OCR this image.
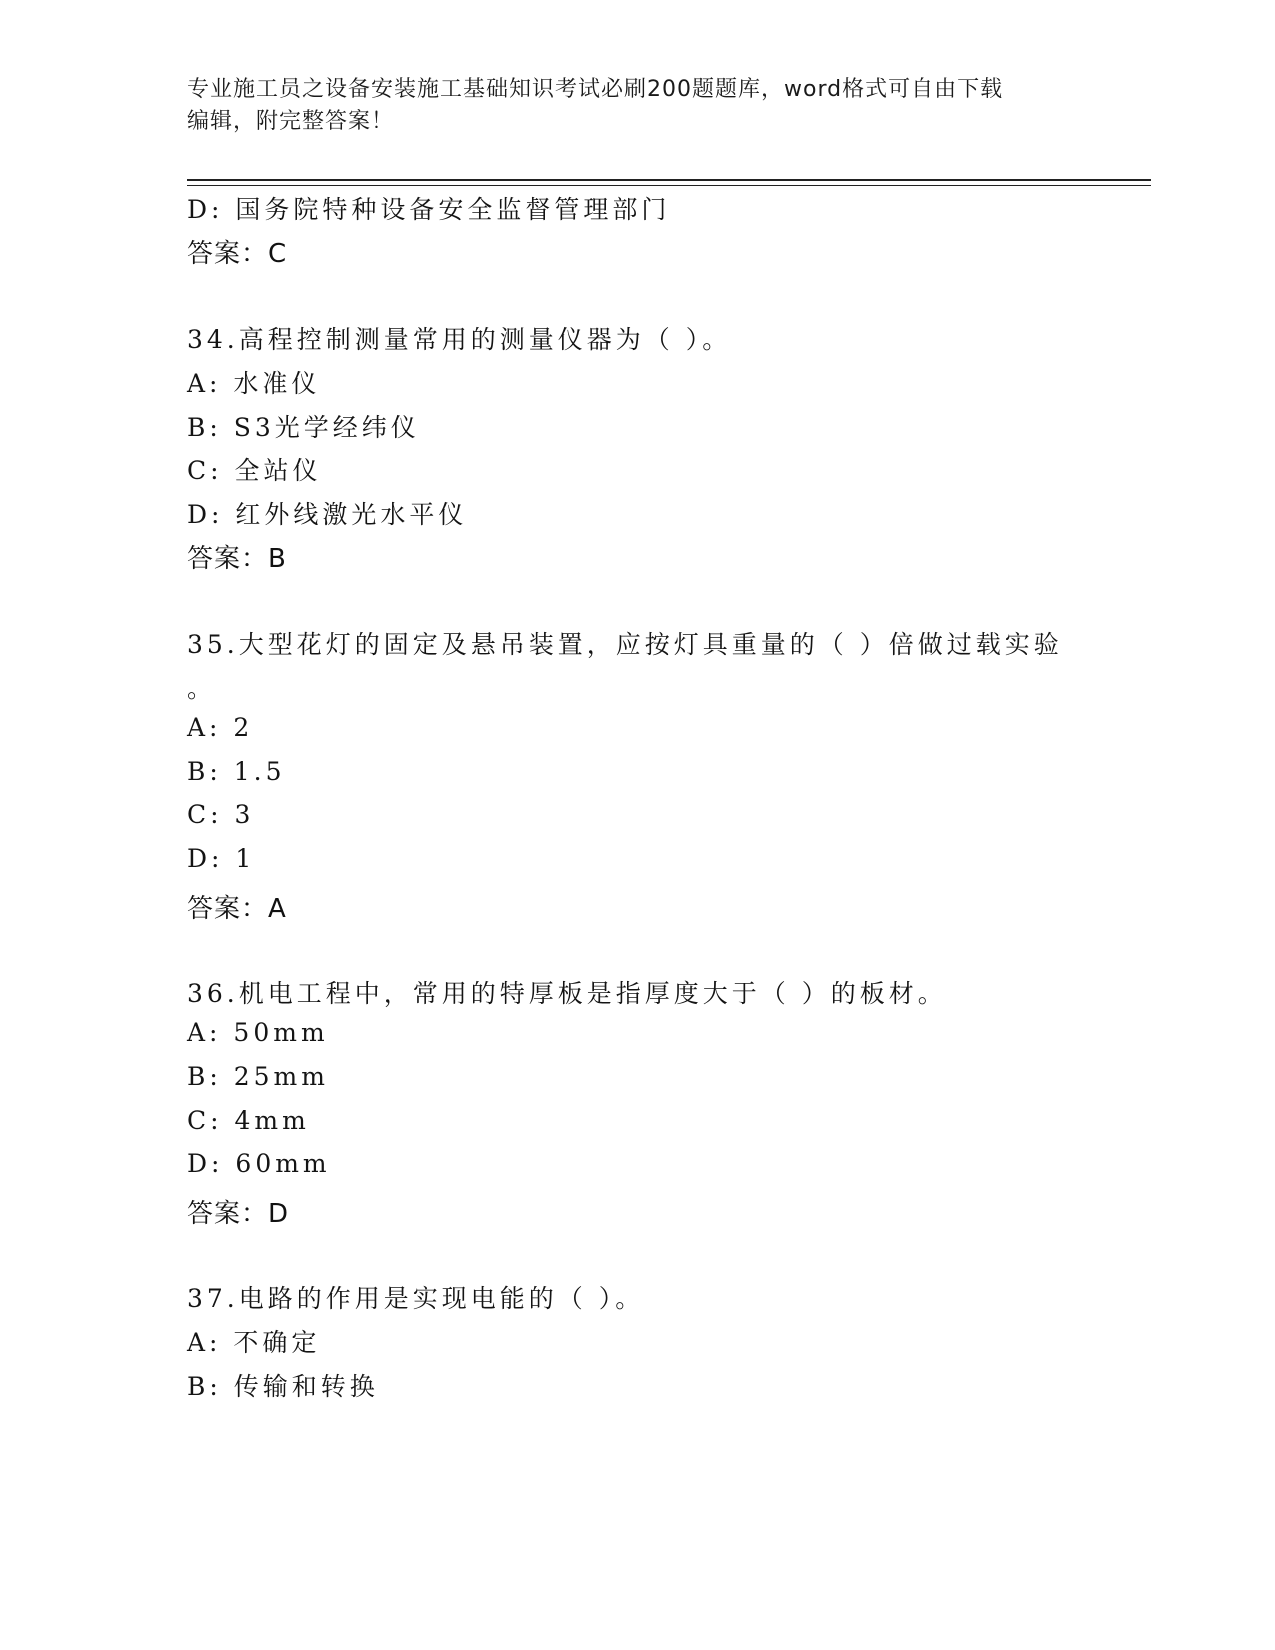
专业施工员之设备安装施工基础知识考试必刷200题题库，word格式可自由下载
编辑，附完整答案！
D: 国务院特种设备安全监督管理部门
答案：C
34.高程控制测量常用的测量仪器为（ ）。
A: 水准仪
B: S3光学经纬仪
C: 全站仪
D: 红外线激光水平仪
答案：B
35.大型花灯的固定及悬吊装置，应按灯具重量的（ ）倍做过载实验
。
A: 2
B: 1.5
C: 3
D: 1
答案：A
36.机电工程中，常用的特厚板是指厚度大于（ ）的板材。
A: 50mm
B: 25mm
C: 4mm
D: 60mm
答案：D
37.电路的作用是实现电能的（ ）。
A: 不确定
B: 传输和转换
